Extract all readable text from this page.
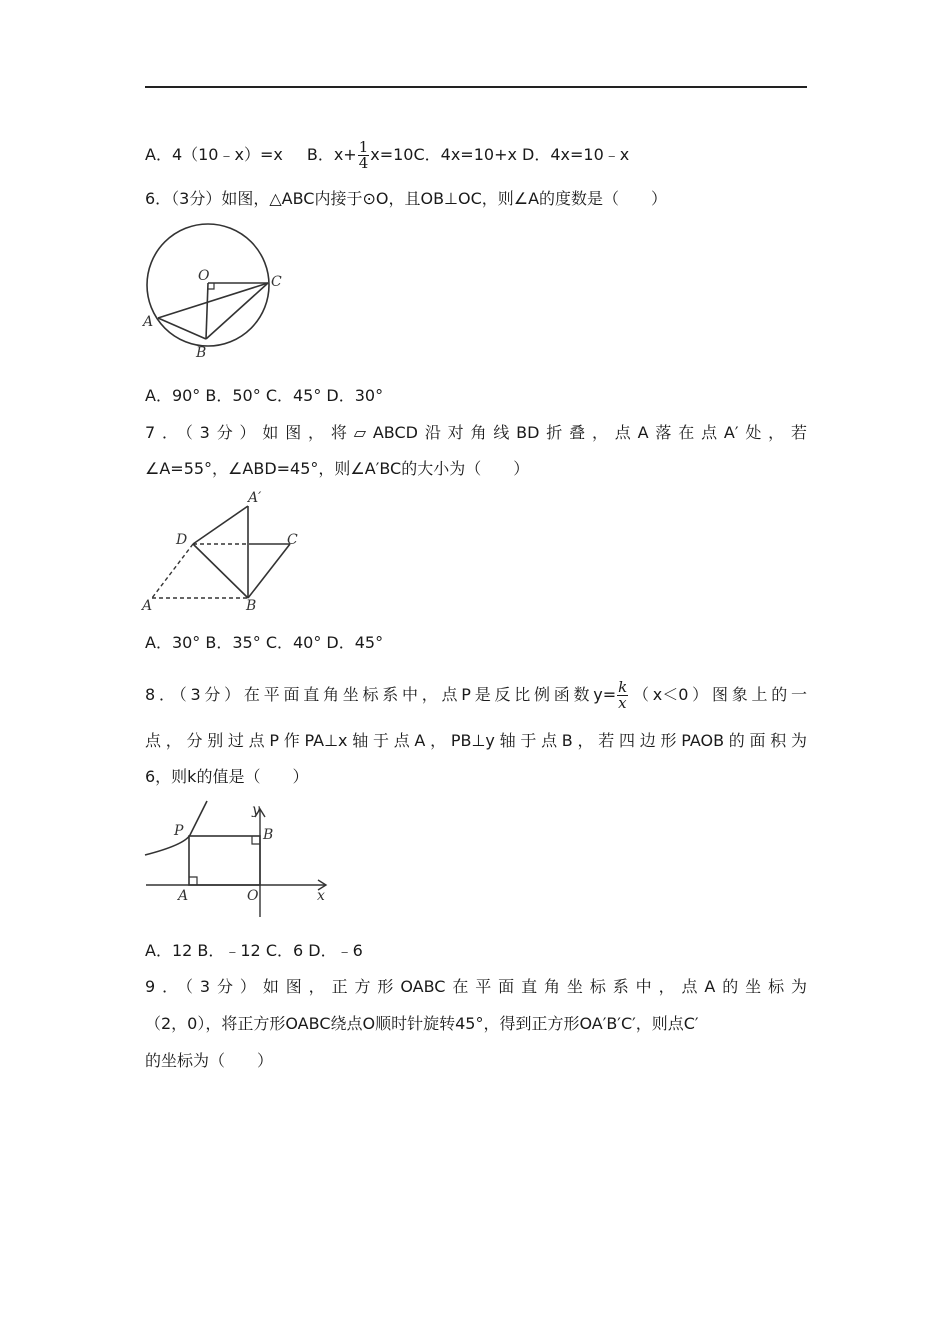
A．4（10﹣x）=x B．$x+ \frac{1}{4} x=10C$．4x=10+x D．4x=10﹣x
6．（3分）如图，△ABC内接于⊙O，且OB⊥OC，则∠A的度数是（　　）
O	C
A
B
A．90° B．50° C．45° D．30°
7．（3分）如图，将▱ABCD沿对角线BD折叠，点A落在点A′处，若
∠A=55°，∠ABD=45°，则∠A′BC的大小为（　　）
A′
D	C
A	B
A．30° B．35° C．40° D．45°
8．（3分）在平面直角坐标系中，点P是反比例函数$y= \frac{k}{x} (x<0)$图象上的一
点，分别过点P作PA⊥x轴于点A，PB⊥y轴于点B，若四边形PAOB的面积为
6，则k的值是（　　）
y
P	B
A	O	x
A．12 B．﹣12 C．6 D．﹣6
9．（3分）如图，正方形OABC在平面直角坐标系中，点A的坐标为
（2，0），将正方形OABC绕点O顺时针旋转45°，得到正方形OA′B′C′，则点C′
的坐标为（　　）
